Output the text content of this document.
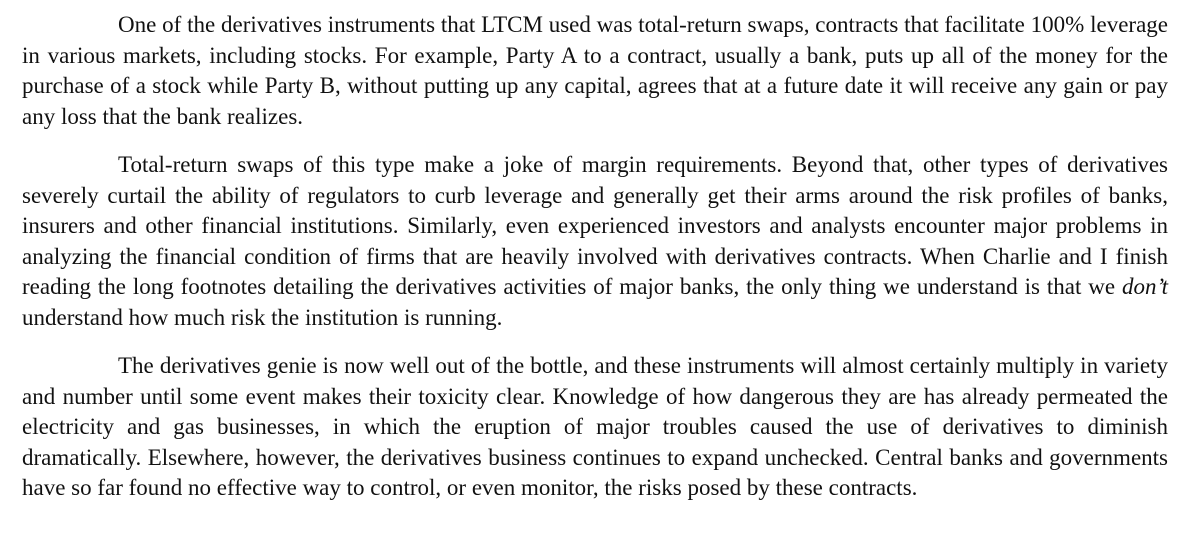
One of the derivatives instruments that LTCM used was total-return swaps, contracts that facilitate 100% leverage in various markets, including stocks. For example, Party A to a contract, usually a bank, puts up all of the money for the purchase of a stock while Party B, without putting up any capital, agrees that at a future date it will receive any gain or pay any loss that the bank realizes.

Total-return swaps of this type make a joke of margin requirements. Beyond that, other types of derivatives severely curtail the ability of regulators to curb leverage and generally get their arms around the risk profiles of banks, insurers and other financial institutions. Similarly, even experienced investors and analysts encounter major problems in analyzing the financial condition of firms that are heavily involved with derivatives contracts. When Charlie and I finish reading the long footnotes detailing the derivatives activities of major banks, the only thing we understand is that we don’t understand how much risk the institution is running.

The derivatives genie is now well out of the bottle, and these instruments will almost certainly multiply in variety and number until some event makes their toxicity clear. Knowledge of how dangerous they are has already permeated the electricity and gas businesses, in which the eruption of major troubles caused the use of derivatives to diminish dramatically. Elsewhere, however, the derivatives business continues to expand unchecked. Central banks and governments have so far found no effective way to control, or even monitor, the risks posed by these contracts.
